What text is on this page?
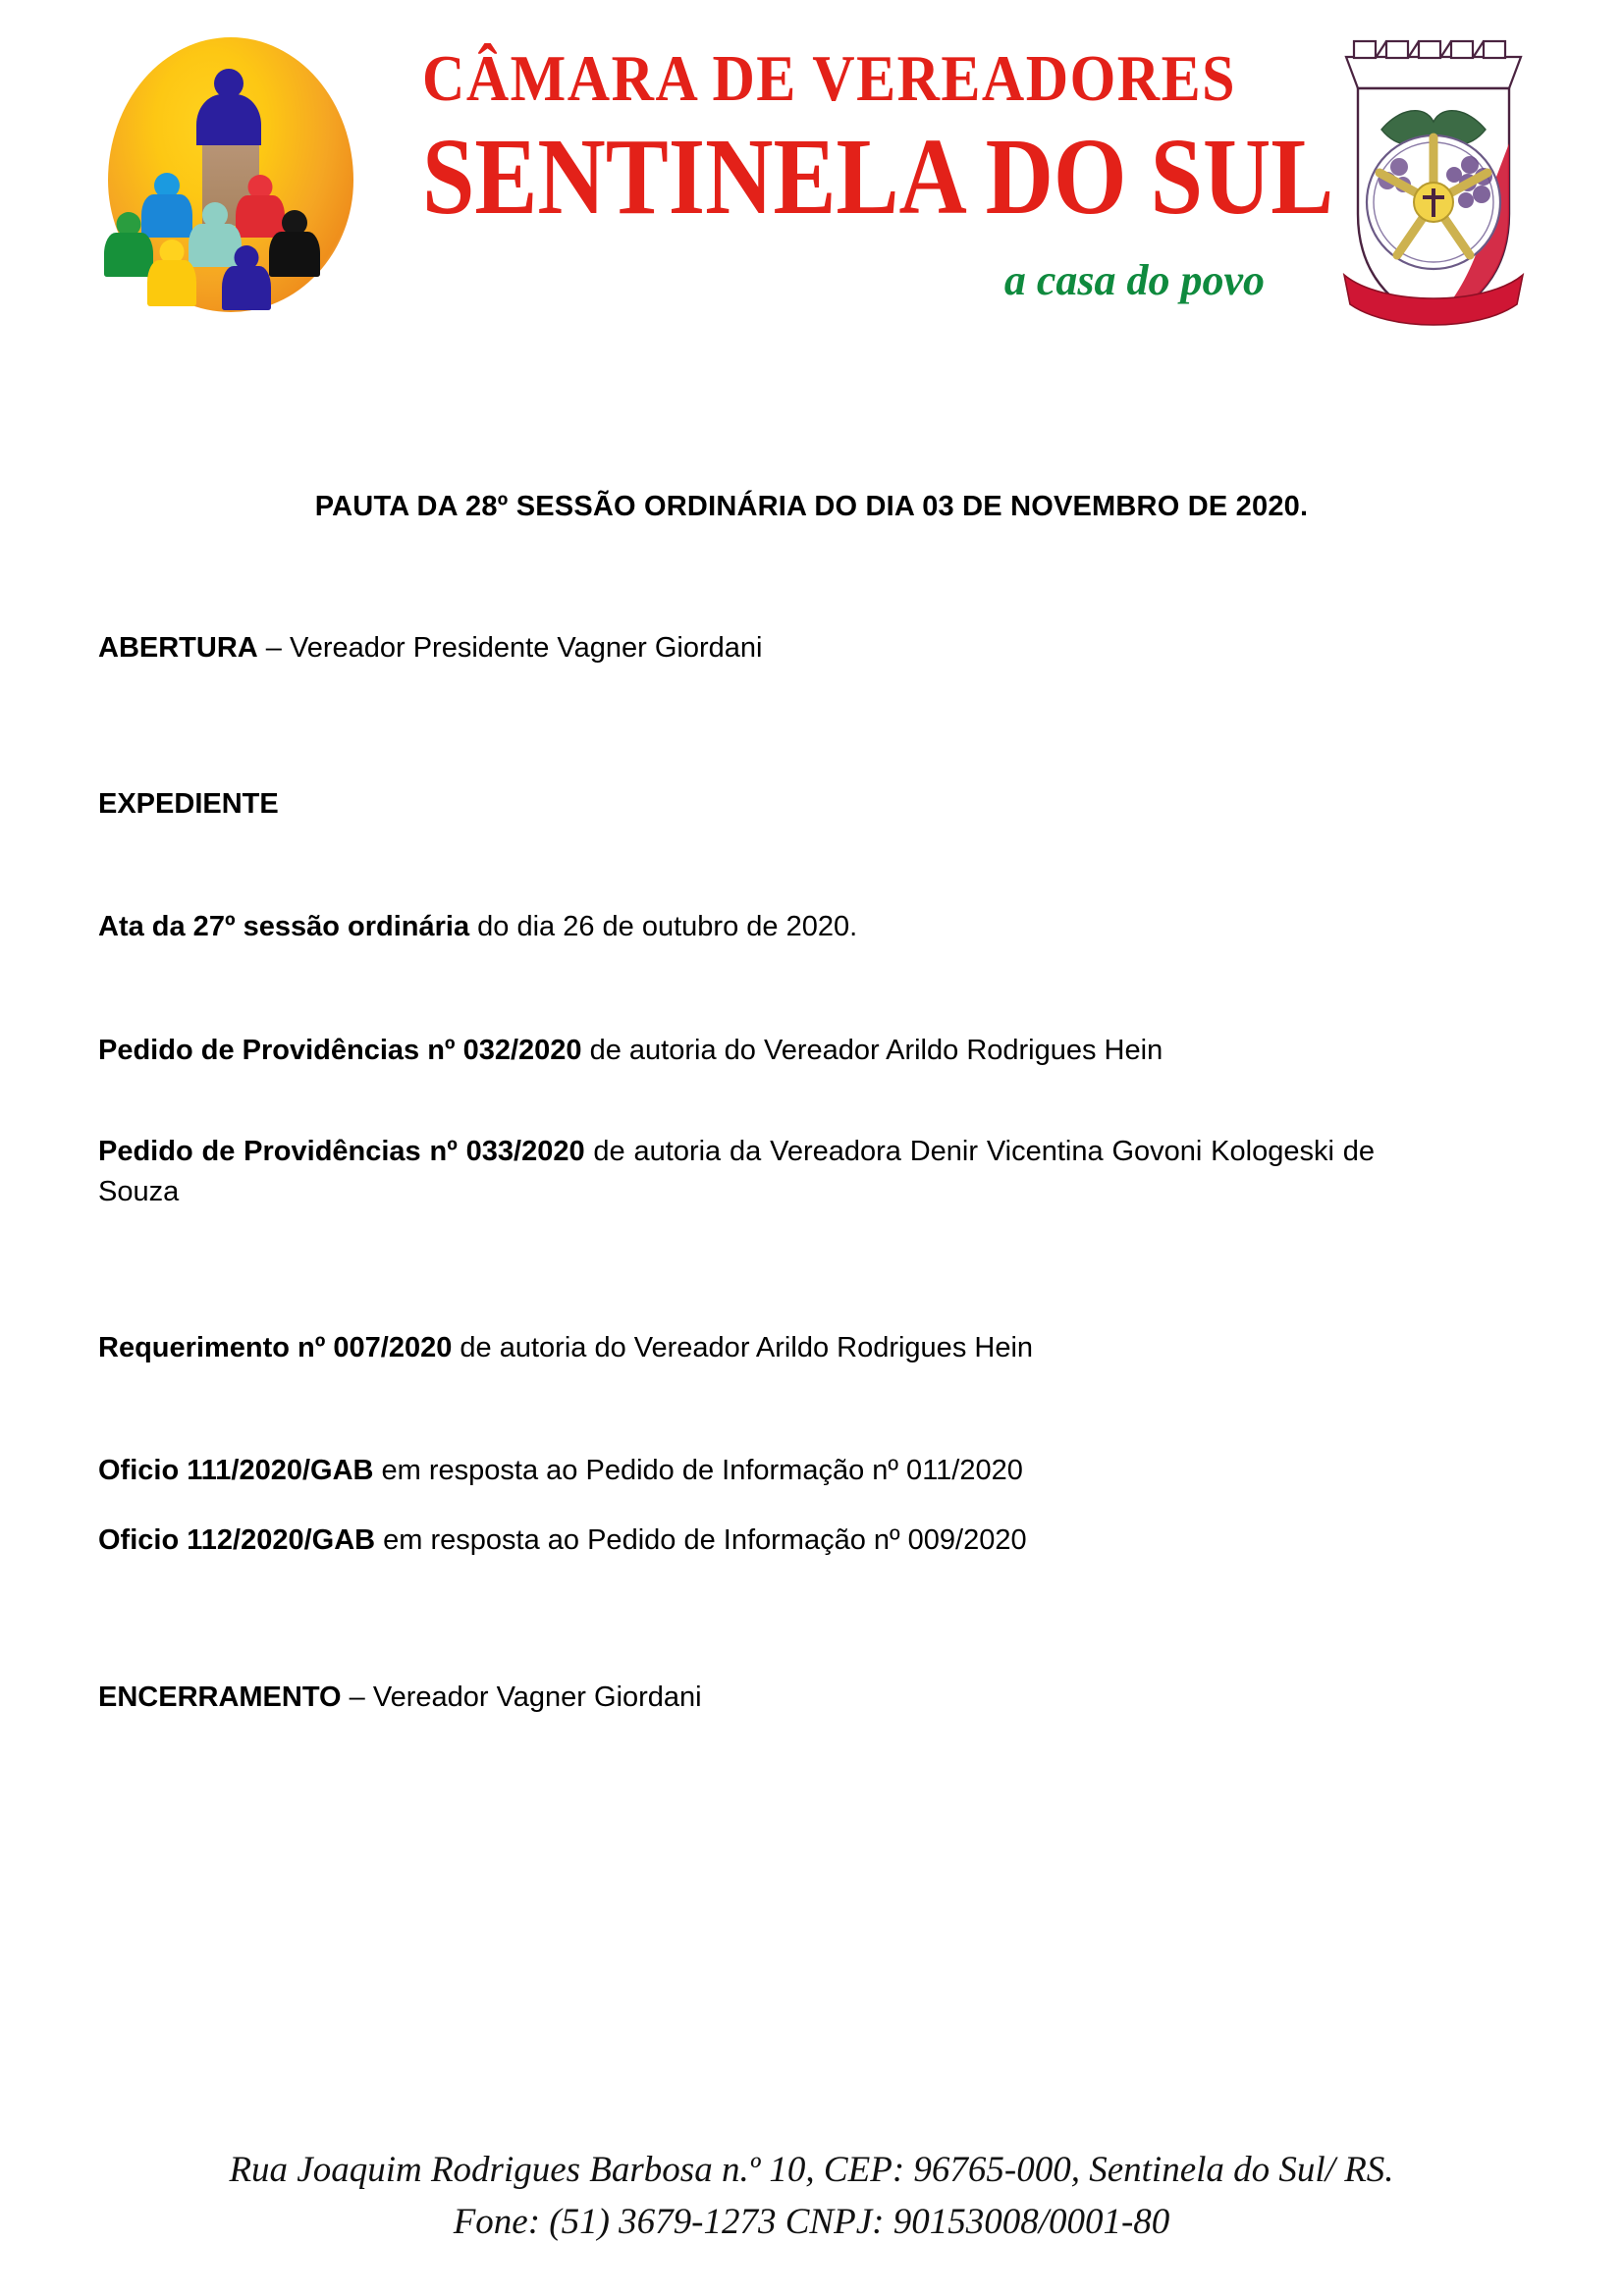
CÂMARA DE VEREADORES
SENTINELA DO SUL
a casa do povo
PAUTA DA 28º SESSÃO ORDINÁRIA DO DIA 03 DE NOVEMBRO DE 2020.

ABERTURA – Vereador Presidente Vagner Giordani

EXPEDIENTE

Ata da 27º sessão ordinária do dia 26 de outubro de 2020.

Pedido de Providências nº 032/2020 de autoria do Vereador Arildo Rodrigues Hein

Pedido de Providências nº 033/2020 de autoria da Vereadora Denir Vicentina Govoni Kologeski de Souza

Requerimento nº 007/2020 de autoria do Vereador Arildo Rodrigues Hein

Oficio 111/2020/GAB em resposta ao Pedido de Informação nº 011/2020

Oficio 112/2020/GAB em resposta ao Pedido de Informação nº 009/2020

ENCERRAMENTO – Vereador Vagner Giordani

Rua Joaquim Rodrigues Barbosa n.º 10, CEP: 96765-000, Sentinela do Sul/ RS.
Fone: (51) 3679-1273 CNPJ: 90153008/0001-80
